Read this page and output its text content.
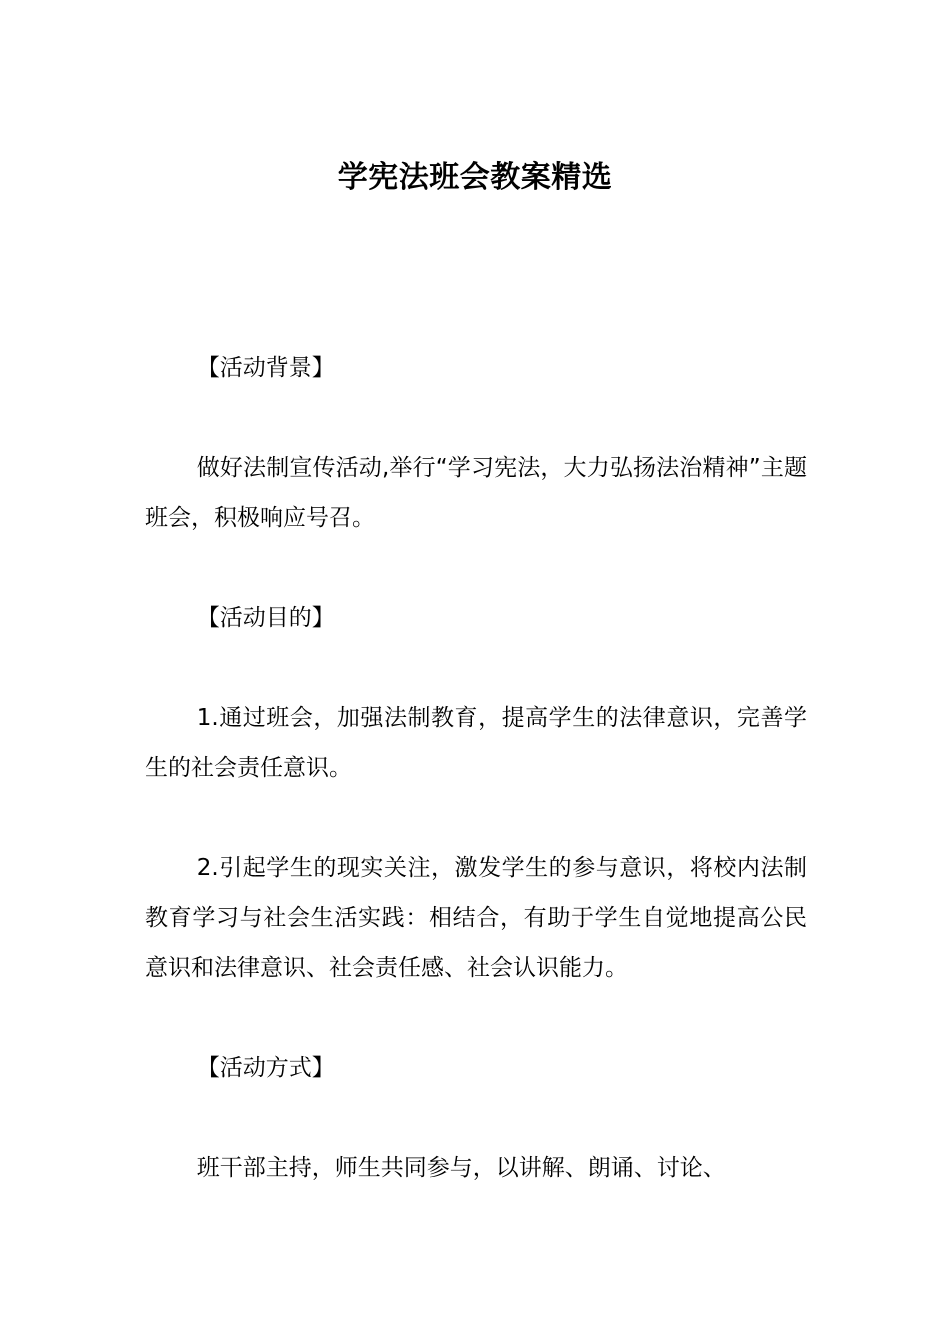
学宪法班会教案精选

【活动背景】

做好法制宣传活动,举行“学习宪法，大力弘扬法治精神”主题班会，积极响应号召。

【活动目的】

1.通过班会，加强法制教育，提高学生的法律意识，完善学生的社会责任意识。

2.引起学生的现实关注，激发学生的参与意识，将校内法制教育学习与社会生活实践：相结合，有助于学生自觉地提高公民意识和法律意识、社会责任感、社会认识能力。

【活动方式】

班干部主持，师生共同参与，以讲解、朗诵、讨论、
